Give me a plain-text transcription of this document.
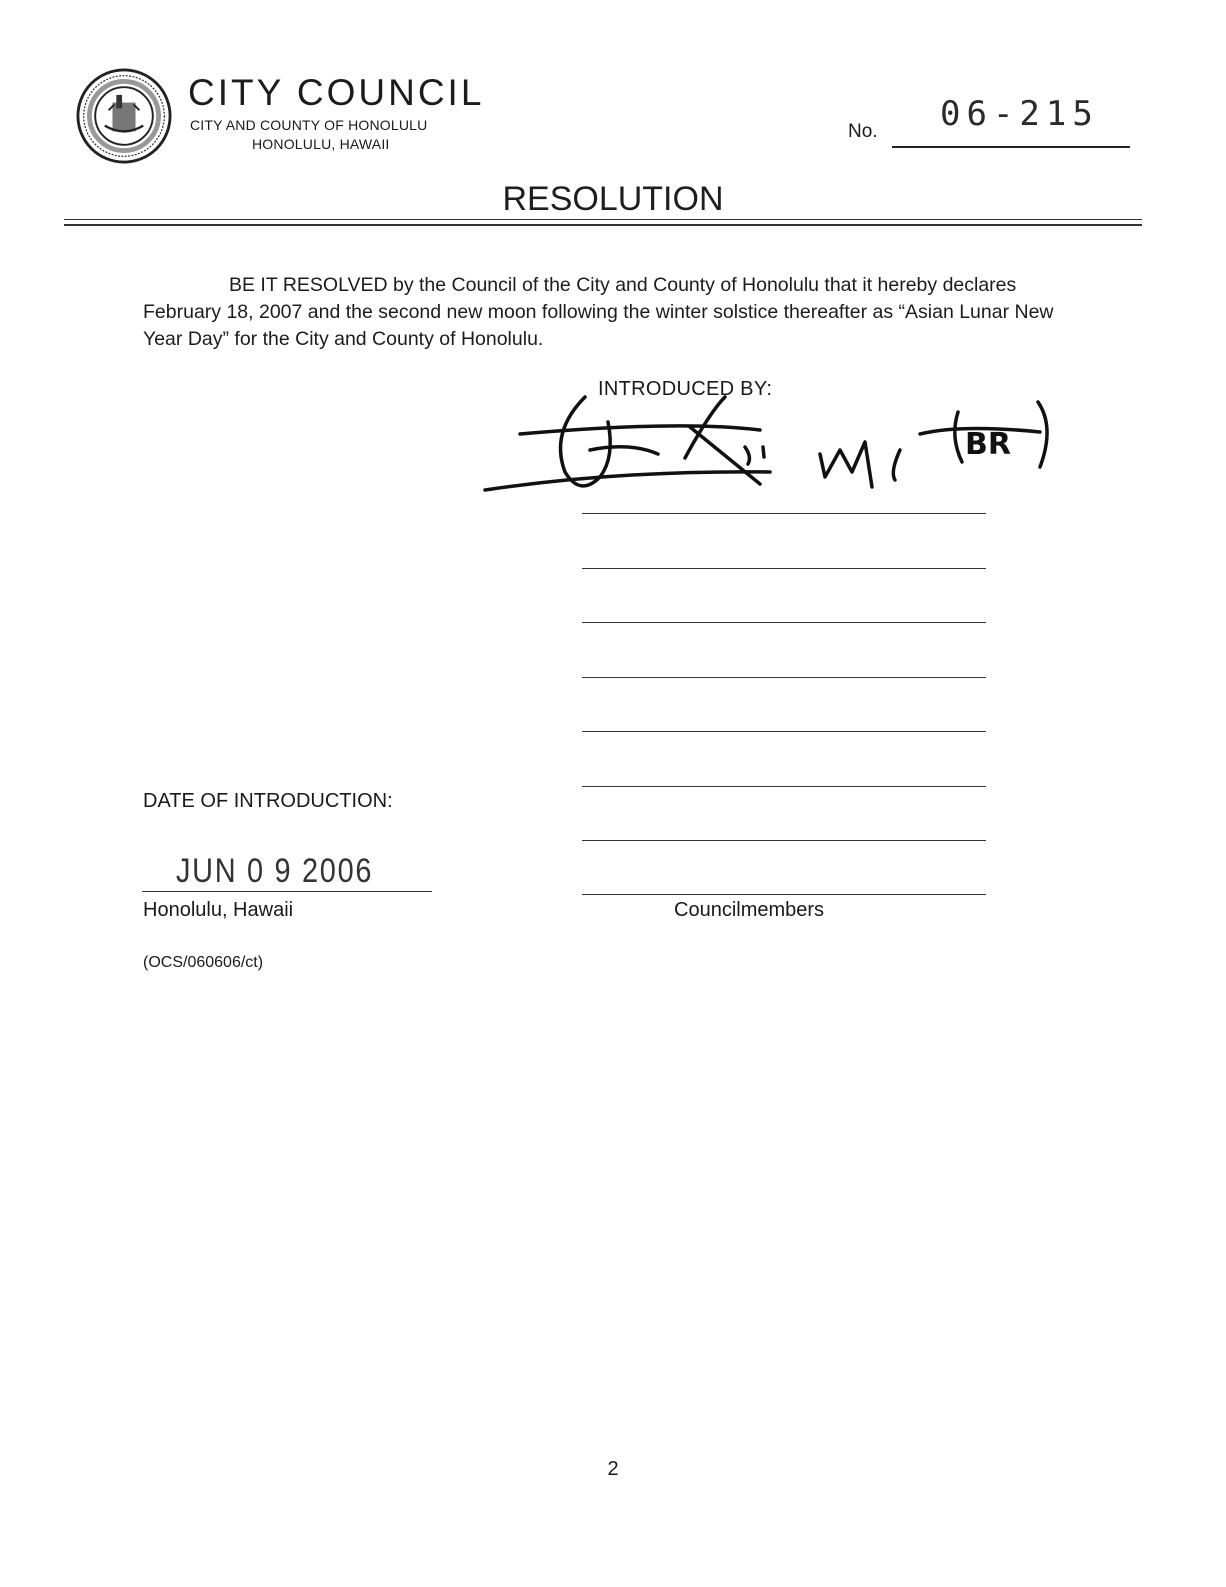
CITY COUNCIL
CITY AND COUNTY OF HONOLULU
HONOLULU, HAWAII
No. 06-215
RESOLUTION
BE IT RESOLVED by the Council of the City and County of Honolulu that it hereby declares February 18, 2007 and the second new moon following the winter solstice thereafter as “Asian Lunar New Year Day” for the City and County of Honolulu.
INTRODUCED BY:
BR
DATE OF INTRODUCTION:
JUN 0 9 2006
Honolulu, Hawaii	Councilmembers
(OCS/060606/ct)
2
